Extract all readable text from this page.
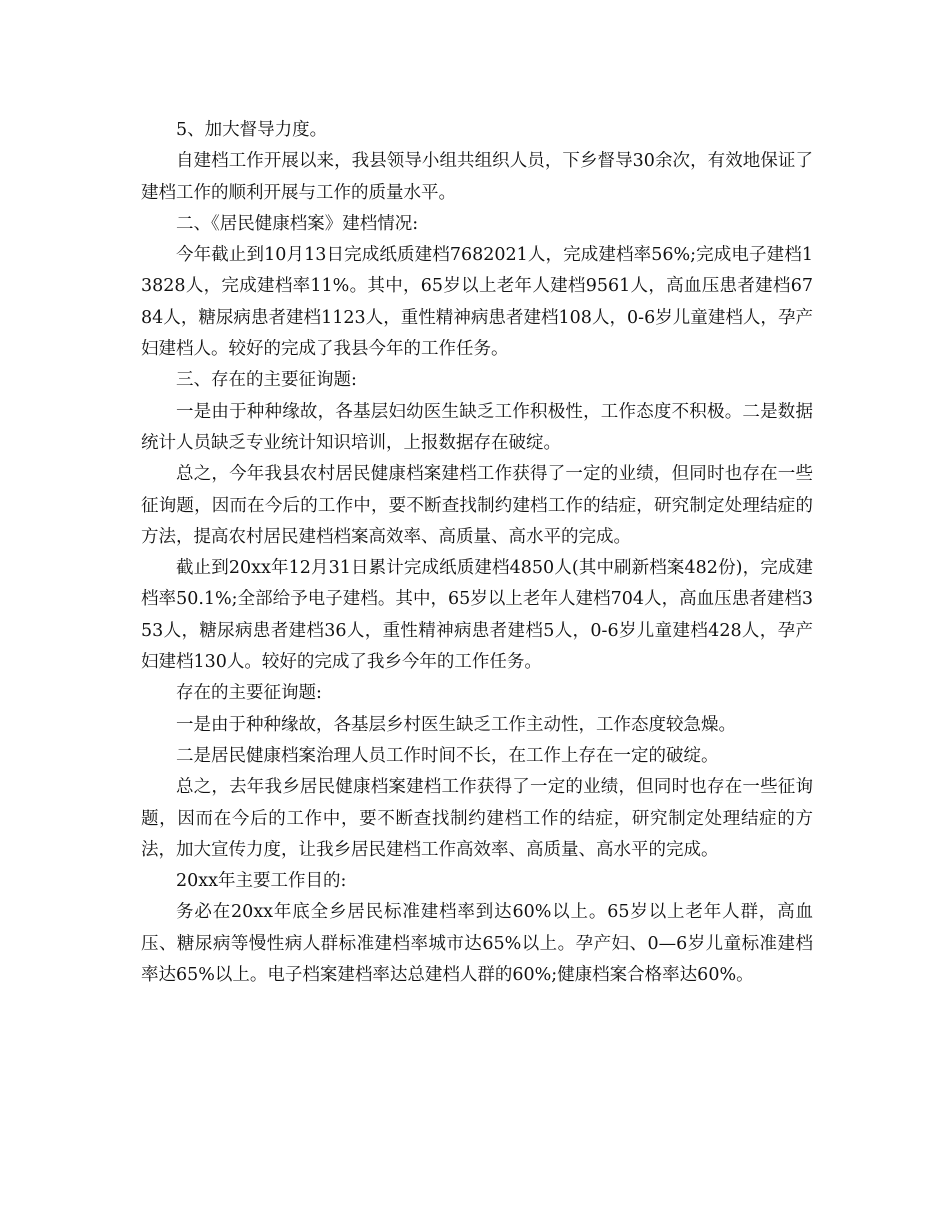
5、加大督导力度。

自建档工作开展以来，我县领导小组共组织人员，下乡督导30余次，有效地保证了建档工作的顺利开展与工作的质量水平。

二、《居民健康档案》建档情况:

今年截止到10月13日完成纸质建档7682021人，完成建档率56%;完成电子建档13828人，完成建档率11%。其中，65岁以上老年人建档9561人，高血压患者建档6784人，糖尿病患者建档1123人，重性精神病患者建档108人，0-6岁儿童建档人，孕产妇建档人。较好的完成了我县今年的工作任务。

三、存在的主要征询题:

一是由于种种缘故，各基层妇幼医生缺乏工作积极性，工作态度不积极。二是数据统计人员缺乏专业统计知识培训，上报数据存在破绽。

总之，今年我县农村居民健康档案建档工作获得了一定的业绩，但同时也存在一些征询题，因而在今后的工作中，要不断查找制约建档工作的结症，研究制定处理结症的方法，提高农村居民建档档案高效率、高质量、高水平的完成。

截止到20xx年12月31日累计完成纸质建档4850人(其中刷新档案482份)，完成建档率50.1%;全部给予电子建档。其中，65岁以上老年人建档704人，高血压患者建档353人，糖尿病患者建档36人，重性精神病患者建档5人，0-6岁儿童建档428人，孕产妇建档130人。较好的完成了我乡今年的工作任务。

存在的主要征询题:

一是由于种种缘故，各基层乡村医生缺乏工作主动性，工作态度较急燥。

二是居民健康档案治理人员工作时间不长，在工作上存在一定的破绽。

总之，去年我乡居民健康档案建档工作获得了一定的业绩，但同时也存在一些征询题，因而在今后的工作中，要不断查找制约建档工作的结症，研究制定处理结症的方法，加大宣传力度，让我乡居民建档工作高效率、高质量、高水平的完成。

20xx年主要工作目的:

务必在20xx年底全乡居民标准建档率到达60%以上。65岁以上老年人群，高血压、糖尿病等慢性病人群标准建档率城市达65%以上。孕产妇、0—6岁儿童标准建档率达65%以上。电子档案建档率达总建档人群的60%;健康档案合格率达60%。
